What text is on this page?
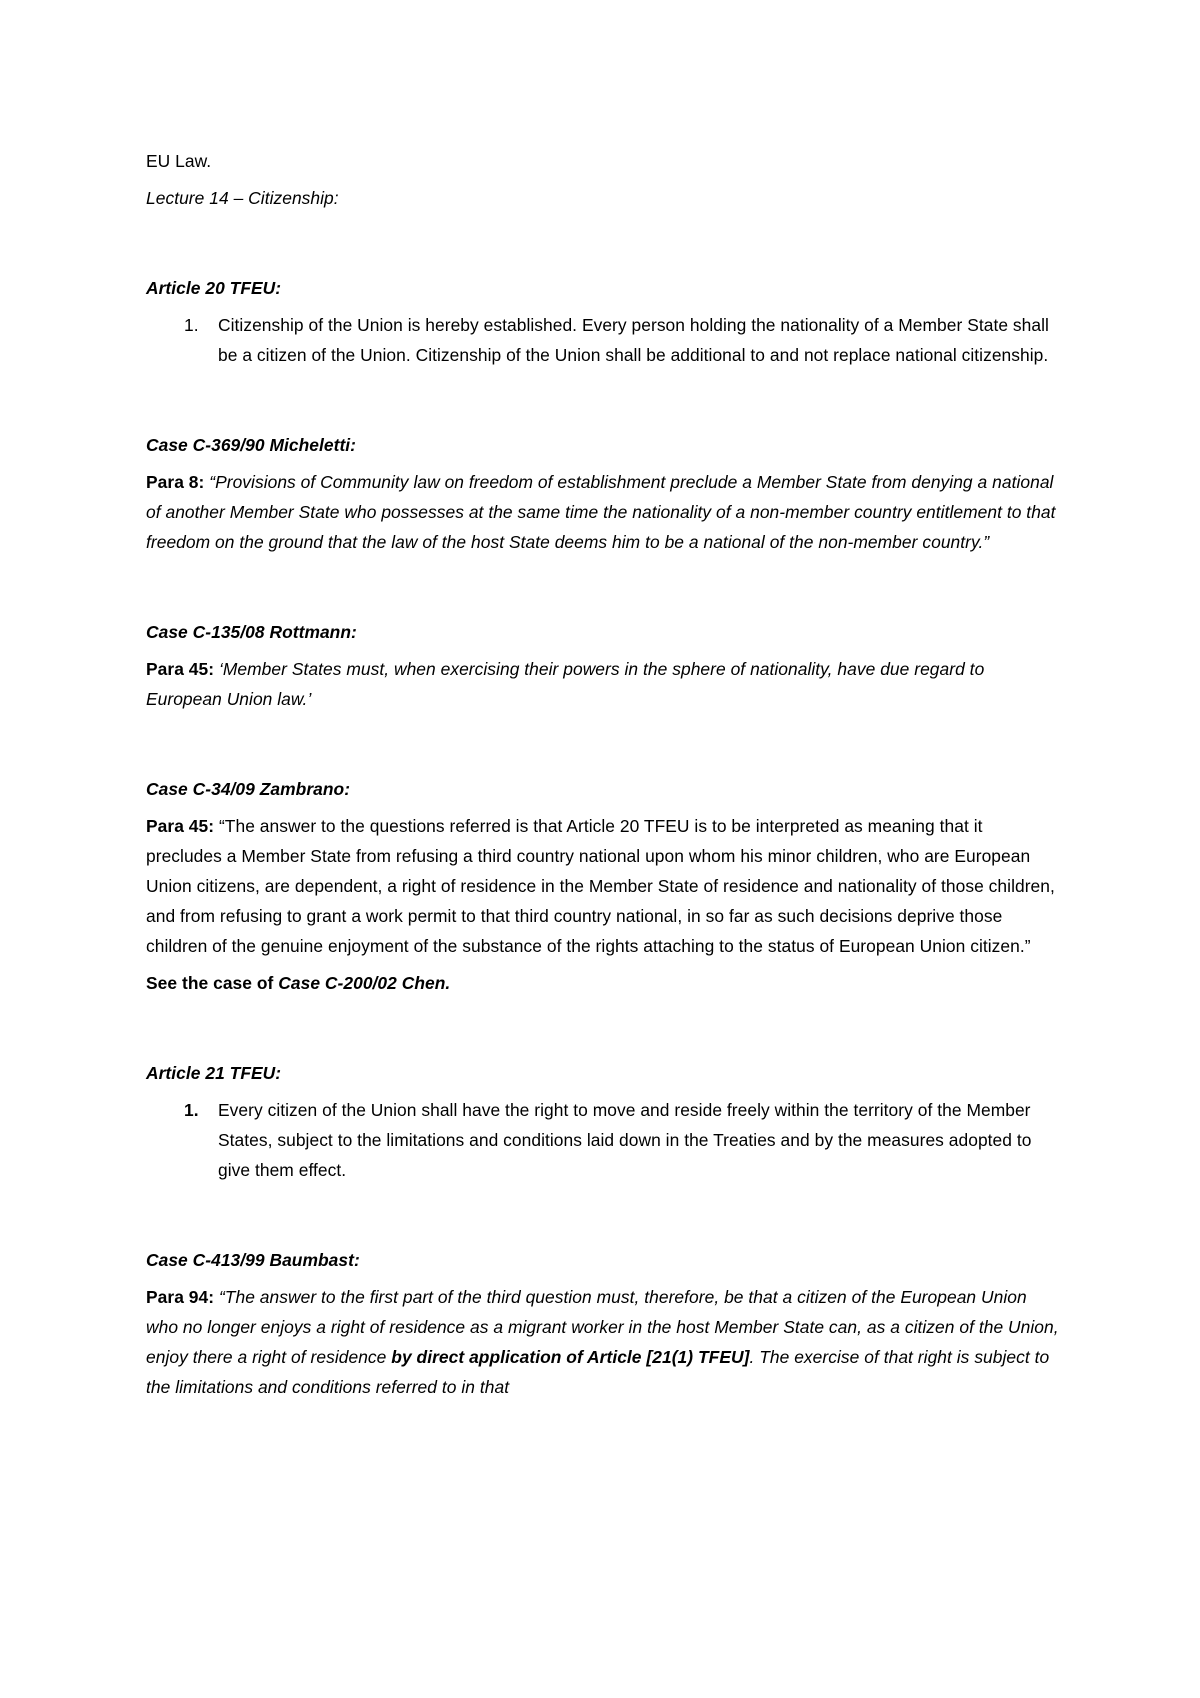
EU Law.

Lecture 14 – Citizenship:

Article 20 TFEU:

1.	Citizenship of the Union is hereby established. Every person holding the nationality of a Member State shall be a citizen of the Union. Citizenship of the Union shall be additional to and not replace national citizenship.

Case C-369/90 Micheletti:

Para 8: “Provisions of Community law on freedom of establishment preclude a Member State from denying a national of another Member State who possesses at the same time the nationality of a non-member country entitlement to that freedom on the ground that the law of the host State deems him to be a national of the non-member country.”

Case C-135/08 Rottmann:

Para 45: ‘Member States must, when exercising their powers in the sphere of nationality, have due regard to European Union law.’

Case C-34/09 Zambrano:

Para 45: “The answer to the questions referred is that Article 20 TFEU is to be interpreted as meaning that it precludes a Member State from refusing a third country national upon whom his minor children, who are European Union citizens, are dependent, a right of residence in the Member State of residence and nationality of those children, and from refusing to grant a work permit to that third country national, in so far as such decisions deprive those children of the genuine enjoyment of the substance of the rights attaching to the status of European Union citizen.”

See the case of Case C-200/02 Chen.

Article 21 TFEU:

1.	Every citizen of the Union shall have the right to move and reside freely within the territory of the Member States, subject to the limitations and conditions laid down in the Treaties and by the measures adopted to give them effect.

Case C-413/99 Baumbast:

Para 94: “The answer to the first part of the third question must, therefore, be that a citizen of the European Union who no longer enjoys a right of residence as a migrant worker in the host Member State can, as a citizen of the Union, enjoy there a right of residence by direct application of Article [21(1) TFEU]. The exercise of that right is subject to the limitations and conditions referred to in that
